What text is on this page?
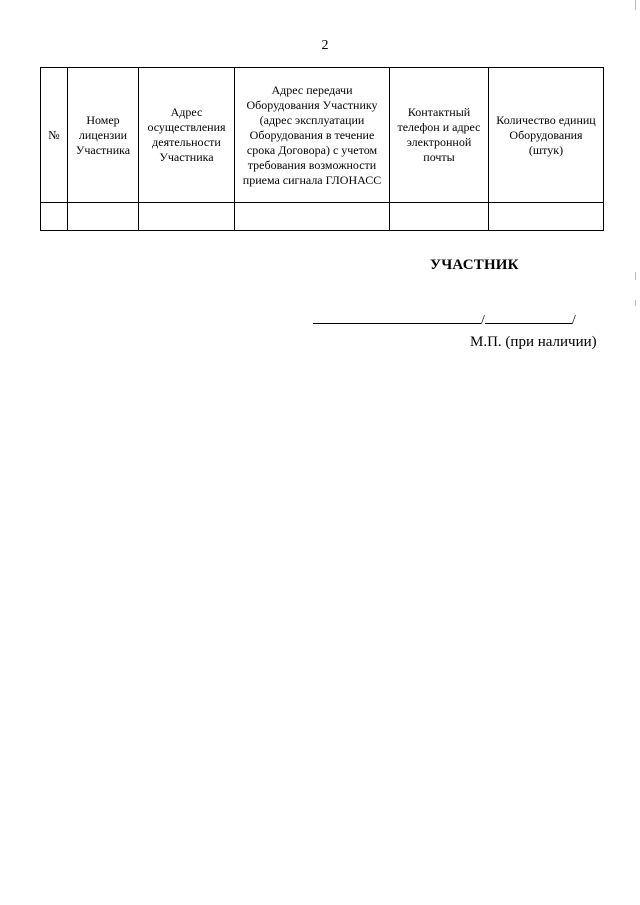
2
№	Номер лицензии Участника	Адрес осуществления деятельности Участника	Адрес передачи Оборудования Участнику (адрес эксплуатации Оборудования в течение срока Договора) с учетом требования возможности приема сигнала ГЛОНАСС	Контактный телефон и адрес электронной почты	Количество единиц Оборудования (штук)

УЧАСТНИК
/	/
М.П. (при наличии)
